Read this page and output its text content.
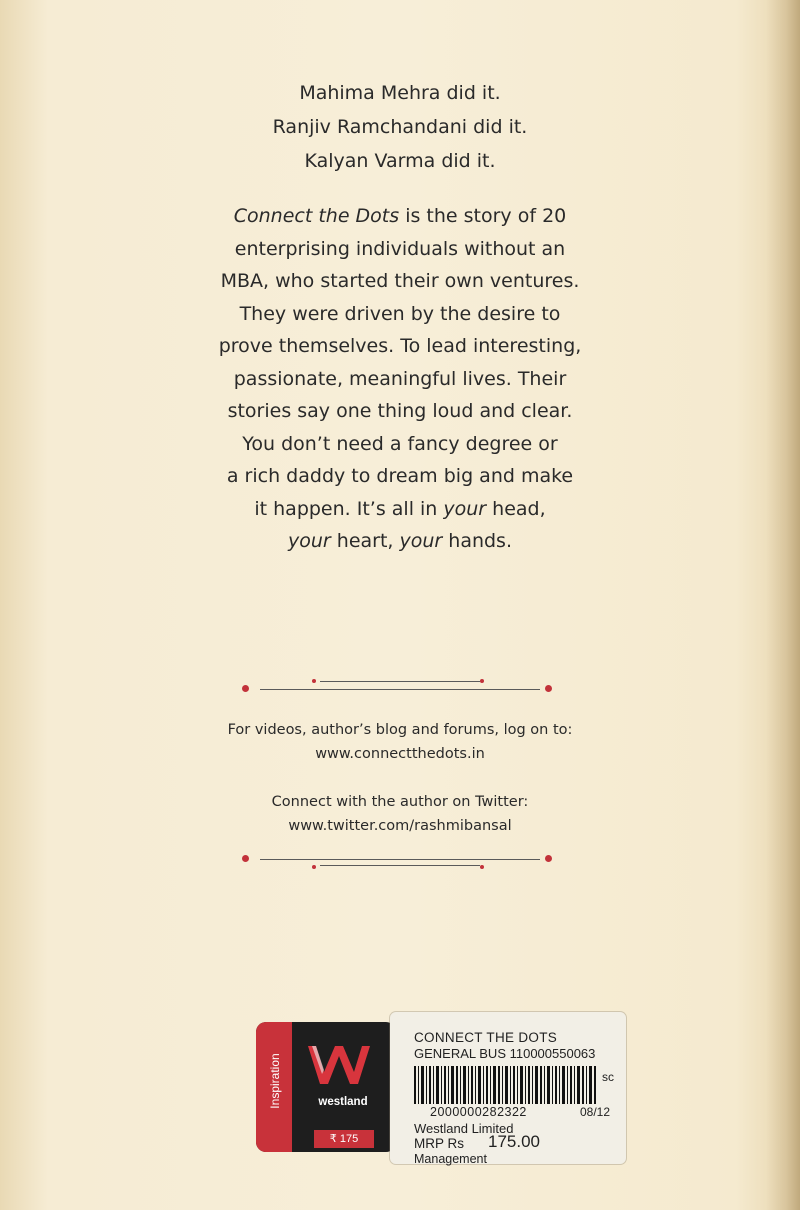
Mahima Mehra did it.
Ranjiv Ramchandani did it.
Kalyan Varma did it.

Connect the Dots is the story of 20

enterprising individuals without an

MBA, who started their own ventures.

They were driven by the desire to

prove themselves. To lead interesting,

passionate, meaningful lives. Their

stories say one thing loud and clear.

You don’t need a fancy degree or

a rich daddy to dream big and make

it happen. It’s all in your head,

your heart, your hands.

For videos, author’s blog and forums, log on to:
www.connectthedots.in
Connect with the author on Twitter:
www.twitter.com/rashmibansal
Inspiration	westland
₹ 175
CONNECT THE DOTS
GENERAL BUS 110000550063
sc
2000000282322	08/12
Westland Limited
MRP Rs 175.00
Management
